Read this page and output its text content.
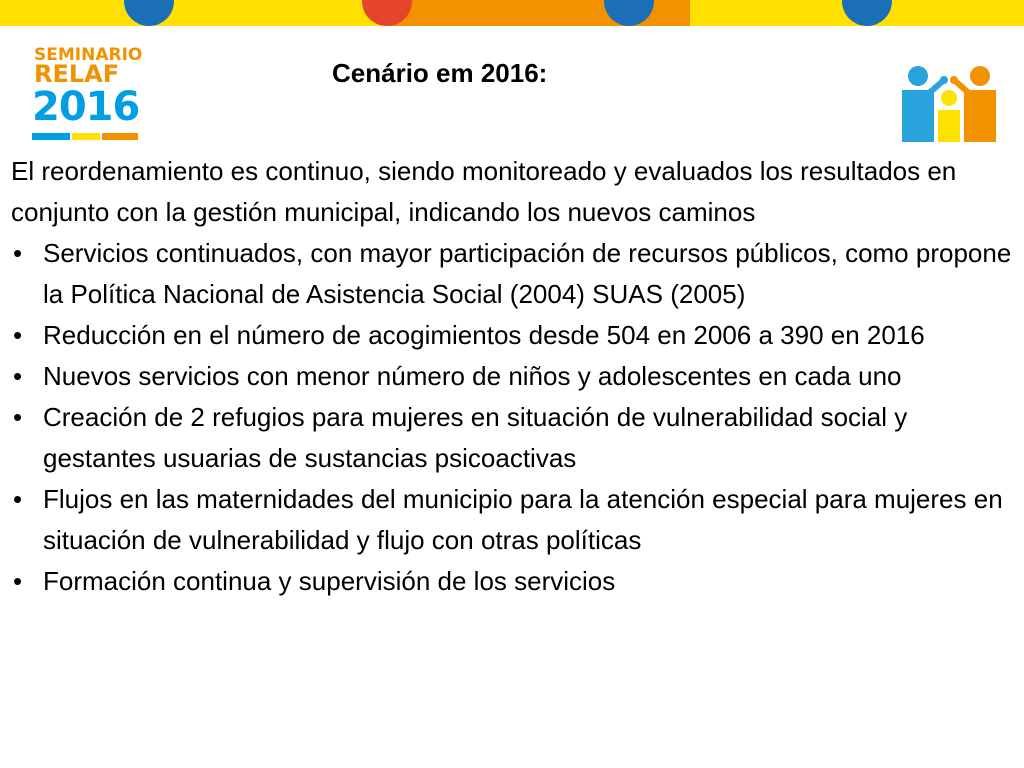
SEMINARIO
RELAF
2016
Cenário em 2016:

El reordenamiento es continuo, siendo monitoreado y evaluados los resultados en conjunto con la gestión municipal, indicando los nuevos caminos

• Servicios continuados, con mayor participación de recursos públicos, como propone la Política Nacional de Asistencia Social (2004) SUAS (2005)
• Reducción en el número de acogimientos desde 504 en 2006 a 390 en 2016
• Nuevos servicios con menor número de niños y adolescentes en cada uno
• Creación de 2 refugios para mujeres en situación de vulnerabilidad social y gestantes usuarias de sustancias psicoactivas
• Flujos en las maternidades del municipio para la atención especial para mujeres en situación de vulnerabilidad y flujo con otras políticas
• Formación continua y supervisión de los servicios
